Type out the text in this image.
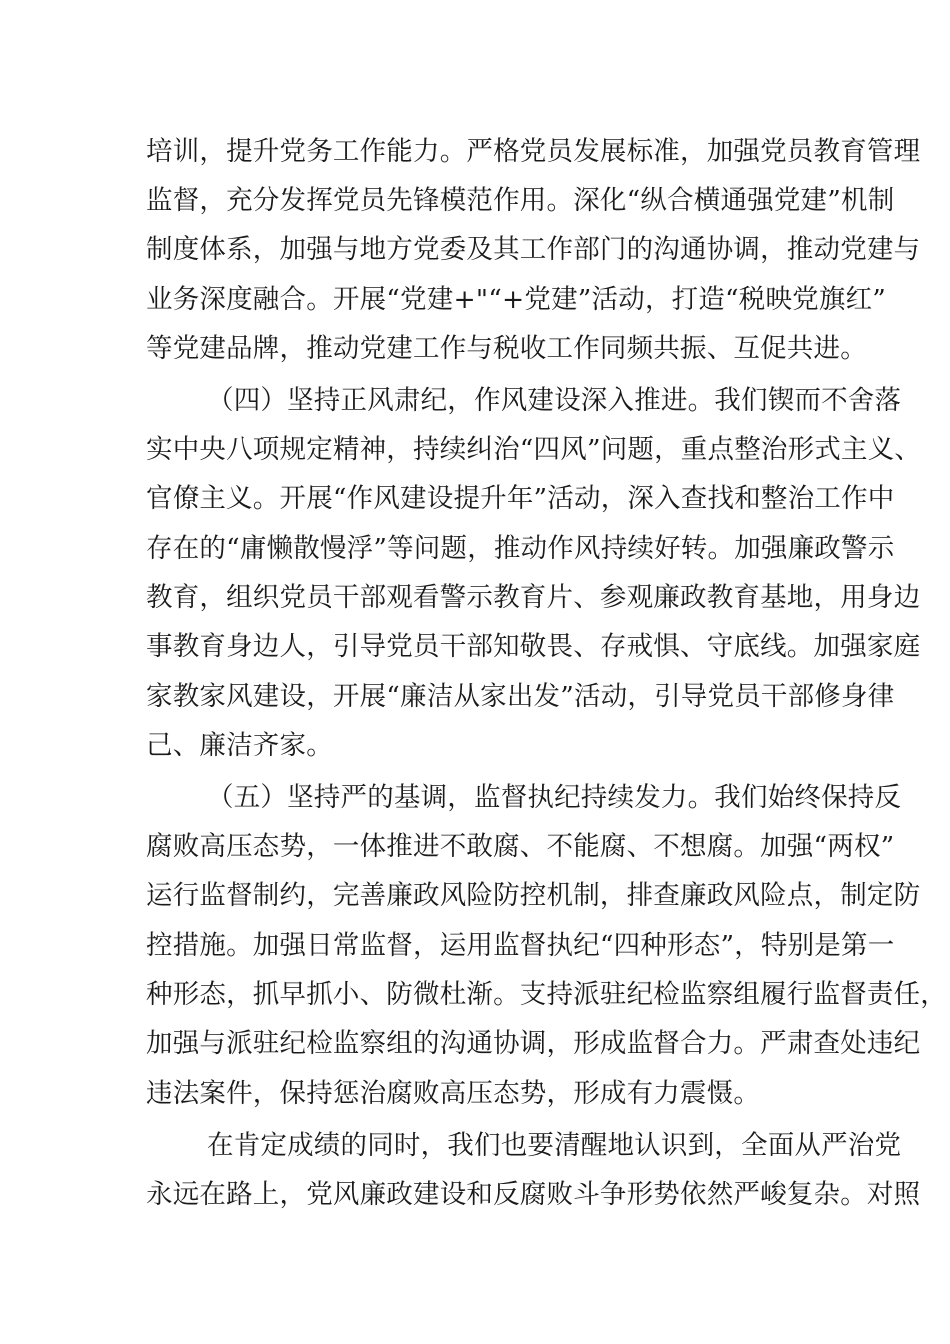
培训，提升党务工作能力。严格党员发展标准，加强党员教育管理
监督，充分发挥党员先锋模范作用。深化“纵合横通强党建”机制
制度体系，加强与地方党委及其工作部门的沟通协调，推动党建与
业务深度融合。开展“党建+"“+党建”活动，打造“税映党旗红”
等党建品牌，推动党建工作与税收工作同频共振、互促共进。
（四）坚持正风肃纪，作风建设深入推进。我们锲而不舍落
实中央八项规定精神，持续纠治“四风”问题，重点整治形式主义、
官僚主义。开展“作风建设提升年”活动，深入查找和整治工作中
存在的“庸懒散慢浮”等问题，推动作风持续好转。加强廉政警示
教育，组织党员干部观看警示教育片、参观廉政教育基地，用身边
事教育身边人，引导党员干部知敬畏、存戒惧、守底线。加强家庭
家教家风建设，开展“廉洁从家出发”活动，引导党员干部修身律
己、廉洁齐家。
（五）坚持严的基调，监督执纪持续发力。我们始终保持反
腐败高压态势，一体推进不敢腐、不能腐、不想腐。加强“两权”
运行监督制约，完善廉政风险防控机制，排查廉政风险点，制定防
控措施。加强日常监督，运用监督执纪“四种形态”，特别是第一
种形态，抓早抓小、防微杜渐。支持派驻纪检监察组履行监督责任，
加强与派驻纪检监察组的沟通协调，形成监督合力。严肃查处违纪
违法案件，保持惩治腐败高压态势，形成有力震慑。
在肯定成绩的同时，我们也要清醒地认识到，全面从严治党
永远在路上，党风廉政建设和反腐败斗争形势依然严峻复杂。对照
